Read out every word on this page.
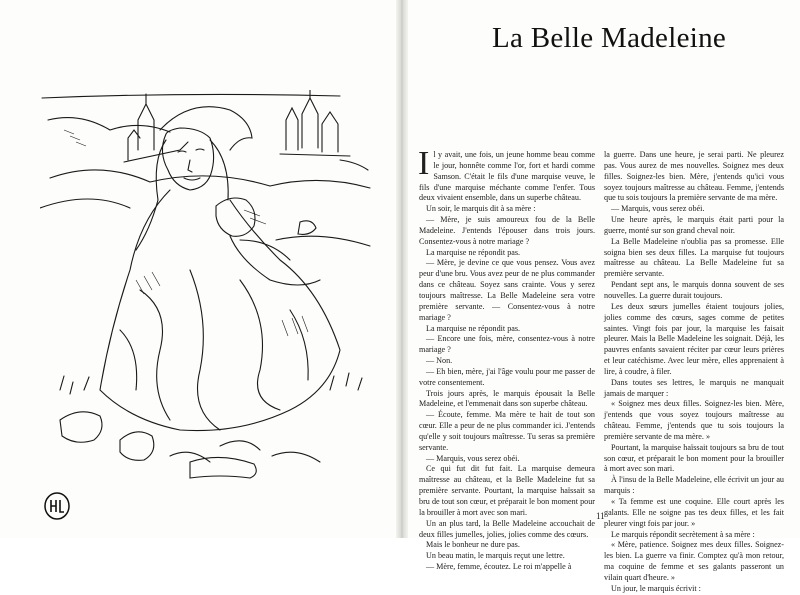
La Belle Madeleine

Il y avait, une fois, un jeune homme beau comme le jour, honnête comme l'or, fort et hardi comme Samson. C'était le fils d'une marquise veuve, le fils d'une marquise méchante comme l'enfer. Tous deux vivaient ensemble, dans un superbe château.

Un soir, le marquis dit à sa mère :

— Mère, je suis amoureux fou de la Belle Madeleine. J'entends l'épouser dans trois jours. Consentez-vous à notre mariage ?

La marquise ne répondit pas.

— Mère, je devine ce que vous pensez. Vous avez peur d'une bru. Vous avez peur de ne plus commander dans ce château. Soyez sans crainte. Vous y serez toujours maîtresse. La Belle Madeleine sera votre première servante. — Consentez-vous à notre mariage ?

La marquise ne répondit pas.

— Encore une fois, mère, consentez-vous à notre mariage ?

— Non.

— Eh bien, mère, j'ai l'âge voulu pour me passer de votre consentement.

Trois jours après, le marquis épousait la Belle Madeleine, et l'emmenait dans son superbe château.

— Écoute, femme. Ma mère te hait de tout son cœur. Elle a peur de ne plus commander ici. J'entends qu'elle y soit toujours maîtresse. Tu seras sa première servante.

— Marquis, vous serez obéi.

Ce qui fut dit fut fait. La marquise demeura maîtresse au château, et la Belle Madeleine fut sa première servante. Pourtant, la marquise haïssait sa bru de tout son cœur, et préparait le bon moment pour la brouiller à mort avec son mari.

Un an plus tard, la Belle Madeleine accouchait de deux filles jumelles, jolies, jolies comme des cœurs.

Mais le bonheur ne dure pas.

Un beau matin, le marquis reçut une lettre.

— Mère, femme, écoutez. Le roi m'appelle à

la guerre. Dans une heure, je serai parti. Ne pleurez pas. Vous aurez de mes nouvelles. Soignez mes deux filles. Soignez-les bien. Mère, j'entends qu'ici vous soyez toujours maîtresse au château. Femme, j'entends que tu sois toujours la première servante de ma mère.

— Marquis, vous serez obéi.

Une heure après, le marquis était parti pour la guerre, monté sur son grand cheval noir.

La Belle Madeleine n'oublia pas sa promesse. Elle soigna bien ses deux filles. La marquise fut toujours maîtresse au château. La Belle Madeleine fut sa première servante.

Pendant sept ans, le marquis donna souvent de ses nouvelles. La guerre durait toujours.

Les deux sœurs jumelles étaient toujours jolies, jolies comme des cœurs, sages comme de petites saintes. Vingt fois par jour, la marquise les faisait pleurer. Mais la Belle Madeleine les soignait. Déjà, les pauvres enfants savaient réciter par cœur leurs prières et leur catéchisme. Avec leur mère, elles apprenaient à lire, à coudre, à filer.

Dans toutes ses lettres, le marquis ne manquait jamais de marquer :

« Soignez mes deux filles. Soignez-les bien. Mère, j'entends que vous soyez toujours maîtresse au château. Femme, j'entends que tu sois toujours la première servante de ma mère. »

Pourtant, la marquise haïssait toujours sa bru de tout son cœur, et préparait le bon moment pour la brouiller à mort avec son mari.

À l'insu de la Belle Madeleine, elle écrivit un jour au marquis :

« Ta femme est une coquine. Elle court après les galants. Elle ne soigne pas tes deux filles, et les fait pleurer vingt fois par jour. »

Le marquis répondit secrètement à sa mère :

« Mère, patience. Soignez mes deux filles. Soignez-les bien. La guerre va finir. Comptez qu'à mon retour, ma coquine de femme et ses galants passeront un vilain quart d'heure. »

Un jour, le marquis écrivit :

11
